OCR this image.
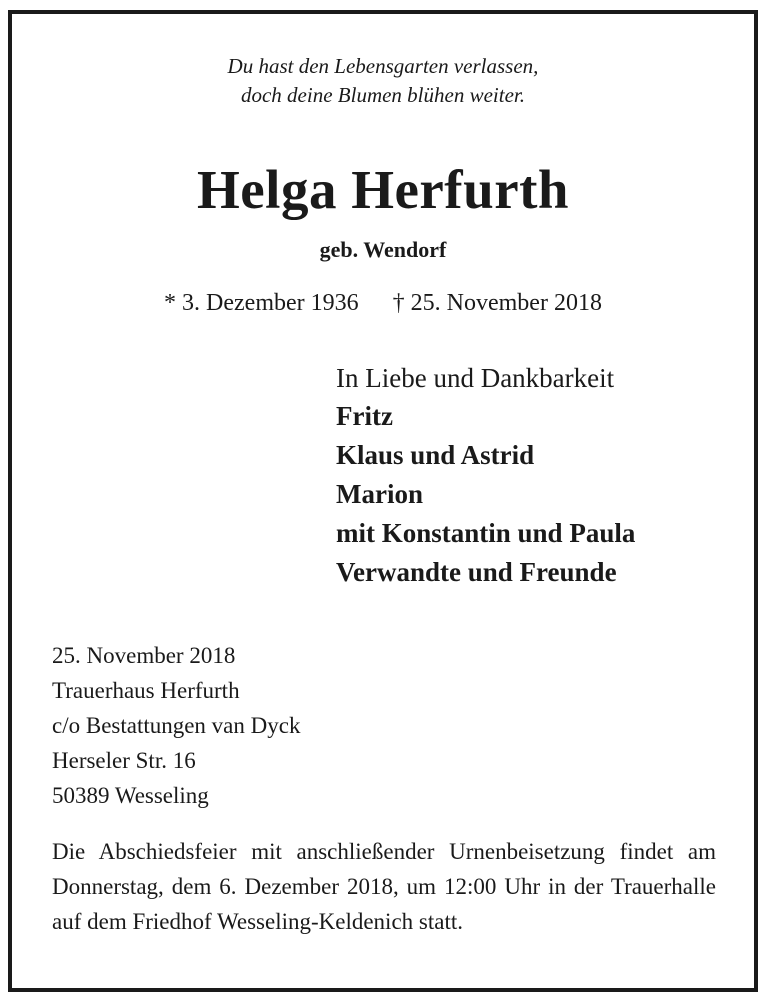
Du hast den Lebensgarten verlassen,
doch deine Blumen blühen weiter.
Helga Herfurth
geb. Wendorf
* 3. Dezember 1936 † 25. November 2018
In Liebe und Dankbarkeit
Fritz
Klaus und Astrid
Marion
mit Konstantin und Paula
Verwandte und Freunde
25. November 2018
Trauerhaus Herfurth
c/o Bestattungen van Dyck
Herseler Str. 16
50389 Wesseling
Die Abschiedsfeier mit anschließender Urnenbeisetzung findet am Donnerstag, dem 6. Dezember 2018, um 12:00 Uhr in der Trauerhalle auf dem Friedhof Wesseling-Keldenich statt.
